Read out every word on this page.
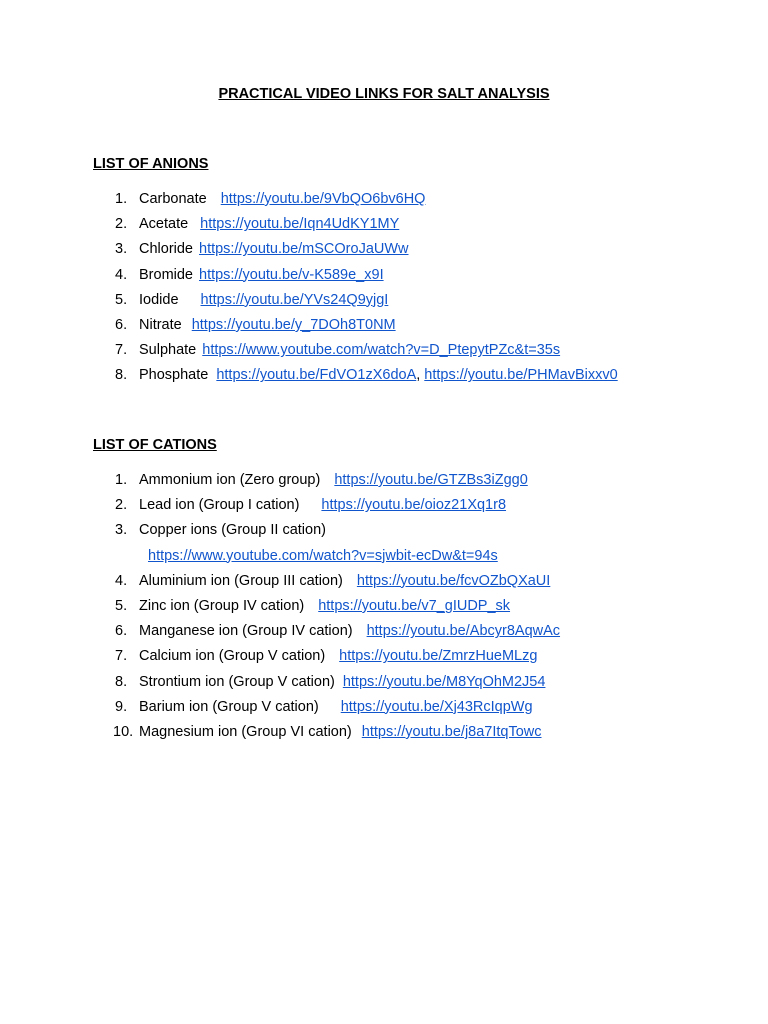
PRACTICAL VIDEO LINKS FOR SALT ANALYSIS
LIST OF ANIONS
1. Carbonate https://youtu.be/9VbQO6bv6HQ
2. Acetate https://youtu.be/Iqn4UdKY1MY
3. Chloride https://youtu.be/mSCOroJaUWw
4. Bromide https://youtu.be/v-K589e_x9I
5. Iodide https://youtu.be/YVs24Q9yjgI
6. Nitrate https://youtu.be/y_7DOh8T0NM
7. Sulphate https://www.youtube.com/watch?v=D_PtepytPZc&t=35s
8. Phosphate https://youtu.be/FdVO1zX6doA, https://youtu.be/PHMavBixxv0
LIST OF CATIONS
1. Ammonium ion (Zero group) https://youtu.be/GTZBs3iZgg0
2. Lead ion (Group I cation) https://youtu.be/oioz21Xq1r8
3. Copper ions (Group II cation)
https://www.youtube.com/watch?v=sjwbit-ecDw&t=94s
4. Aluminium ion (Group III cation) https://youtu.be/fcvOZbQXaUI
5. Zinc ion (Group IV cation) https://youtu.be/v7_gIUDP_sk
6. Manganese ion (Group IV cation) https://youtu.be/Abcyr8AqwAc
7. Calcium ion (Group V cation) https://youtu.be/ZmrzHueMLzg
8. Strontium ion (Group V cation) https://youtu.be/M8YqOhM2J54
9. Barium ion (Group V cation) https://youtu.be/Xj43RcIqpWg
10. Magnesium ion (Group VI cation) https://youtu.be/j8a7ItqTowc
